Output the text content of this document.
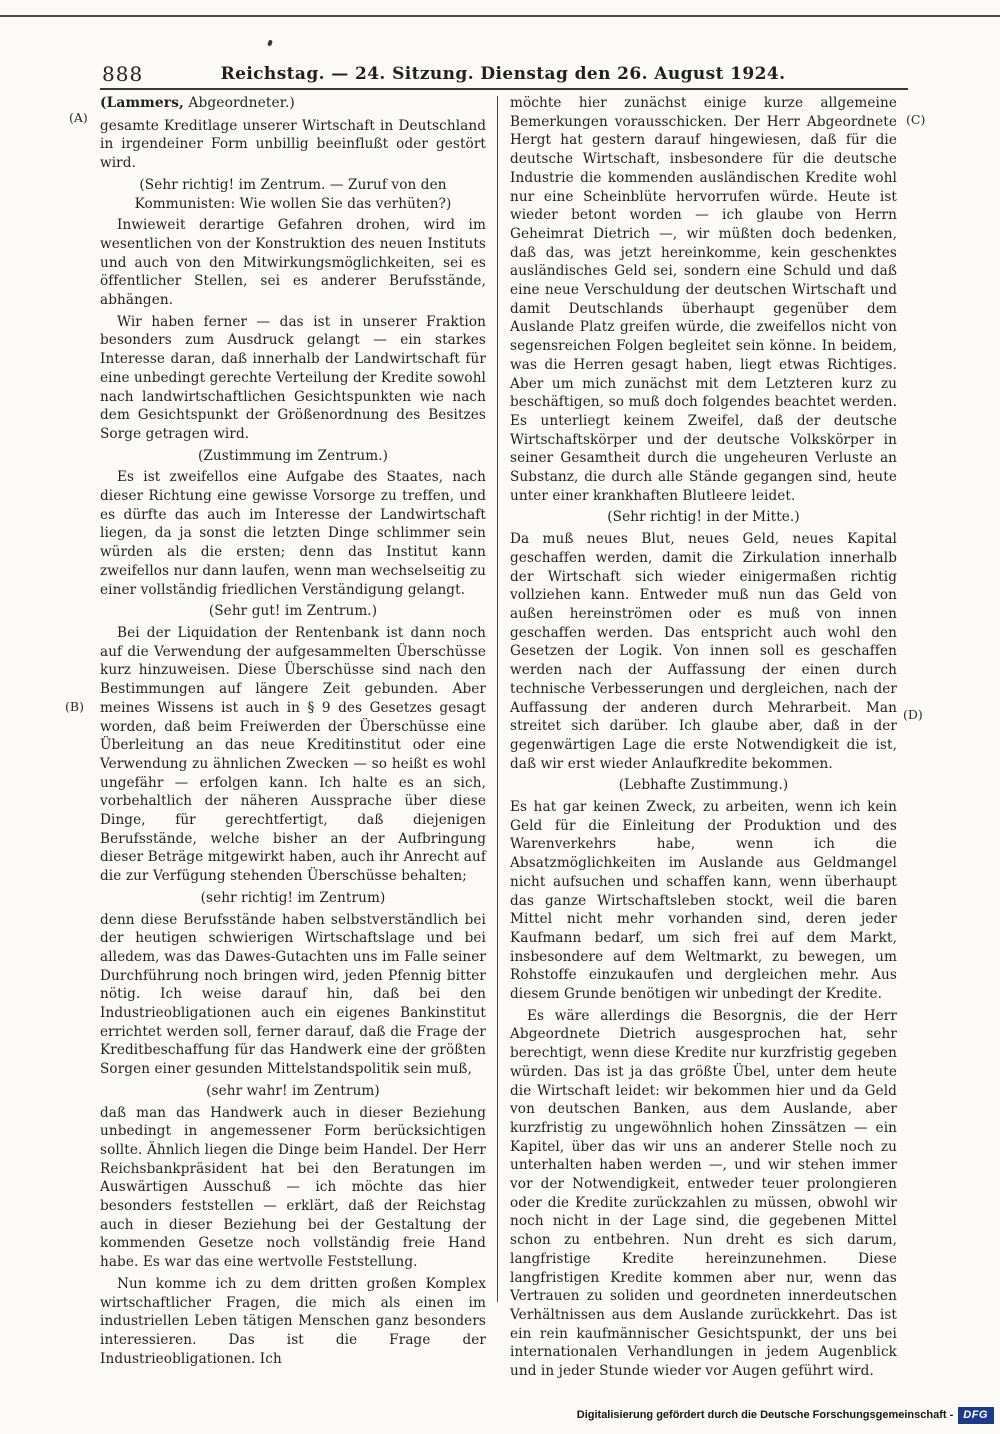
888	Reichstag. — 24. Sitzung. Dienstag den 26. August 1924.
(A)
(B)
(C)
(D)

(Lammers, Abgeordneter.)

gesamte Kreditlage unserer Wirtschaft in Deutschland in irgendeiner Form unbillig beeinflußt oder gestört wird.

(Sehr richtig! im Zentrum. — Zuruf von den Kommunisten: Wie wollen Sie das verhüten?)

Inwieweit derartige Gefahren drohen, wird im wesentlichen von der Konstruktion des neuen Instituts und auch von den Mitwirkungsmöglichkeiten, sei es öffentlicher Stellen, sei es anderer Berufsstände, abhängen.

Wir haben ferner — das ist in unserer Fraktion besonders zum Ausdruck gelangt — ein starkes Interesse daran, daß innerhalb der Landwirtschaft für eine unbedingt gerechte Verteilung der Kredite sowohl nach landwirtschaftlichen Gesichtspunkten wie nach dem Gesichtspunkt der Größenordnung des Besitzes Sorge getragen wird.

(Zustimmung im Zentrum.)

Es ist zweifellos eine Aufgabe des Staates, nach dieser Richtung eine gewisse Vorsorge zu treffen, und es dürfte das auch im Interesse der Landwirtschaft liegen, da ja sonst die letzten Dinge schlimmer sein würden als die ersten; denn das Institut kann zweifellos nur dann laufen, wenn man wechselseitig zu einer vollständig friedlichen Verständigung gelangt.

(Sehr gut! im Zentrum.)

Bei der Liquidation der Rentenbank ist dann noch auf die Verwendung der aufgesammelten Überschüsse kurz hinzuweisen. Diese Überschüsse sind nach den Bestimmungen auf längere Zeit gebunden. Aber meines Wissens ist auch in § 9 des Gesetzes gesagt worden, daß beim Freiwerden der Überschüsse eine Überleitung an das neue Kreditinstitut oder eine Verwendung zu ähnlichen Zwecken — so heißt es wohl ungefähr — erfolgen kann. Ich halte es an sich, vorbehaltlich der näheren Aussprache über diese Dinge, für gerechtfertigt, daß diejenigen Berufsstände, welche bisher an der Aufbringung dieser Beträge mitgewirkt haben, auch ihr Anrecht auf die zur Verfügung stehenden Überschüsse behalten;

(sehr richtig! im Zentrum)

denn diese Berufsstände haben selbstverständlich bei der heutigen schwierigen Wirtschaftslage und bei alledem, was das Dawes-Gutachten uns im Falle seiner Durchführung noch bringen wird, jeden Pfennig bitter nötig. Ich weise darauf hin, daß bei den Industrieobligationen auch ein eigenes Bankinstitut errichtet werden soll, ferner darauf, daß die Frage der Kreditbeschaffung für das Handwerk eine der größten Sorgen einer gesunden Mittelstandspolitik sein muß,

(sehr wahr! im Zentrum)

daß man das Handwerk auch in dieser Beziehung unbedingt in angemessener Form berücksichtigen sollte. Ähnlich liegen die Dinge beim Handel. Der Herr Reichsbankpräsident hat bei den Beratungen im Auswärtigen Ausschuß — ich möchte das hier besonders feststellen — erklärt, daß der Reichstag auch in dieser Beziehung bei der Gestaltung der kommenden Gesetze noch vollständig freie Hand habe. Es war das eine wertvolle Feststellung.

Nun komme ich zu dem dritten großen Komplex wirtschaftlicher Fragen, die mich als einen im industriellen Leben tätigen Menschen ganz besonders interessieren. Das ist die Frage der Industrieobligationen. Ich

möchte hier zunächst einige kurze allgemeine Bemerkungen vorausschicken. Der Herr Abgeordnete Hergt hat gestern darauf hingewiesen, daß für die deutsche Wirtschaft, insbesondere für die deutsche Industrie die kommenden ausländischen Kredite wohl nur eine Scheinblüte hervorrufen würde. Heute ist wieder betont worden — ich glaube von Herrn Geheimrat Dietrich —, wir müßten doch bedenken, daß das, was jetzt hereinkomme, kein geschenktes ausländisches Geld sei, sondern eine Schuld und daß eine neue Verschuldung der deutschen Wirtschaft und damit Deutschlands überhaupt gegenüber dem Auslande Platz greifen würde, die zweifellos nicht von segensreichen Folgen begleitet sein könne. In beidem, was die Herren gesagt haben, liegt etwas Richtiges. Aber um mich zunächst mit dem Letzteren kurz zu beschäftigen, so muß doch folgendes beachtet werden. Es unterliegt keinem Zweifel, daß der deutsche Wirtschaftskörper und der deutsche Volkskörper in seiner Gesamtheit durch die ungeheuren Verluste an Substanz, die durch alle Stände gegangen sind, heute unter einer krankhaften Blutleere leidet.

(Sehr richtig! in der Mitte.)

Da muß neues Blut, neues Geld, neues Kapital geschaffen werden, damit die Zirkulation innerhalb der Wirtschaft sich wieder einigermaßen richtig vollziehen kann. Entweder muß nun das Geld von außen hereinströmen oder es muß von innen geschaffen werden. Das entspricht auch wohl den Gesetzen der Logik. Von innen soll es geschaffen werden nach der Auffassung der einen durch technische Verbesserungen und dergleichen, nach der Auffassung der anderen durch Mehrarbeit. Man streitet sich darüber. Ich glaube aber, daß in der gegenwärtigen Lage die erste Notwendigkeit die ist, daß wir erst wieder Anlaufkredite bekommen.

(Lebhafte Zustimmung.)

Es hat gar keinen Zweck, zu arbeiten, wenn ich kein Geld für die Einleitung der Produktion und des Warenverkehrs habe, wenn ich die Absatzmöglichkeiten im Auslande aus Geldmangel nicht aufsuchen und schaffen kann, wenn überhaupt das ganze Wirtschaftsleben stockt, weil die baren Mittel nicht mehr vorhanden sind, deren jeder Kaufmann bedarf, um sich frei auf dem Markt, insbesondere auf dem Weltmarkt, zu bewegen, um Rohstoffe einzukaufen und dergleichen mehr. Aus diesem Grunde benötigen wir unbedingt der Kredite.

Es wäre allerdings die Besorgnis, die der Herr Abgeordnete Dietrich ausgesprochen hat, sehr berechtigt, wenn diese Kredite nur kurzfristig gegeben würden. Das ist ja das größte Übel, unter dem heute die Wirtschaft leidet: wir bekommen hier und da Geld von deutschen Banken, aus dem Auslande, aber kurzfristig zu ungewöhnlich hohen Zinssätzen — ein Kapitel, über das wir uns an anderer Stelle noch zu unterhalten haben werden —, und wir stehen immer vor der Notwendigkeit, entweder teuer prolongieren oder die Kredite zurückzahlen zu müssen, obwohl wir noch nicht in der Lage sind, die gegebenen Mittel schon zu entbehren. Nun dreht es sich darum, langfristige Kredite hereinzunehmen. Diese langfristigen Kredite kommen aber nur, wenn das Vertrauen zu soliden und geordneten innerdeutschen Verhältnissen aus dem Auslande zurückkehrt. Das ist ein rein kaufmännischer Gesichtspunkt, der uns bei internationalen Verhandlungen in jedem Augenblick und in jeder Stunde wieder vor Augen geführt wird.

Digitalisierung gefördert durch die Deutsche Forschungsgemeinschaft - DFG
